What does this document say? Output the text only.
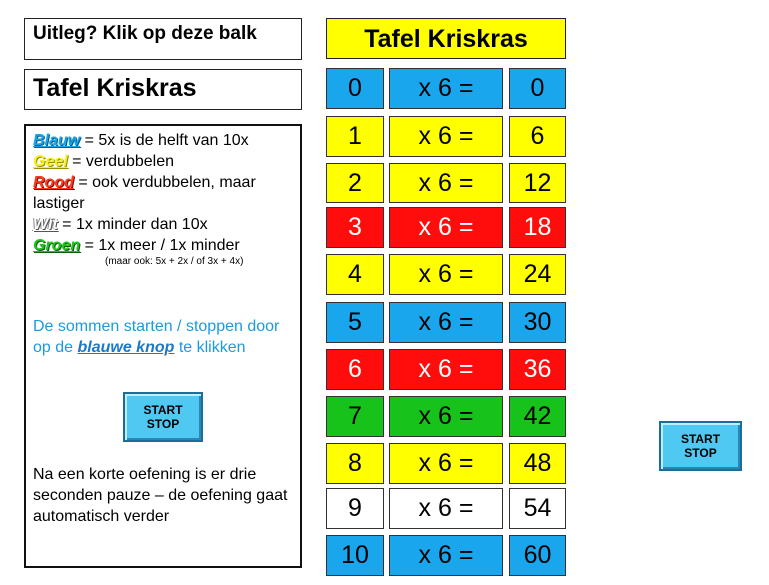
Uitleg? Klik op deze balk
Tafel Kriskras
Blauw = 5x is de helft van 10x
Geel = verdubbelen
Rood = ook verdubbelen, maar lastiger
Wit = 1x minder dan 10x
Groen = 1x meer / 1x minder
(maar ook: 5x + 2x / of 3x + 4x)
De sommen starten / stoppen door op de blauwe knop te klikken
START
STOP
Na een korte oefening is er drie seconden pauze – de oefening gaat automatisch verder
Tafel Kriskras
0	x 6 =	0
1	x 6 =	6
2	x 6 =	12
3	x 6 =	18
4	x 6 =	24
5	x 6 =	30
6	x 6 =	36
7	x 6 =	42
8	x 6 =	48
9	x 6 =	54
10	x 6 =	60
START
STOP
